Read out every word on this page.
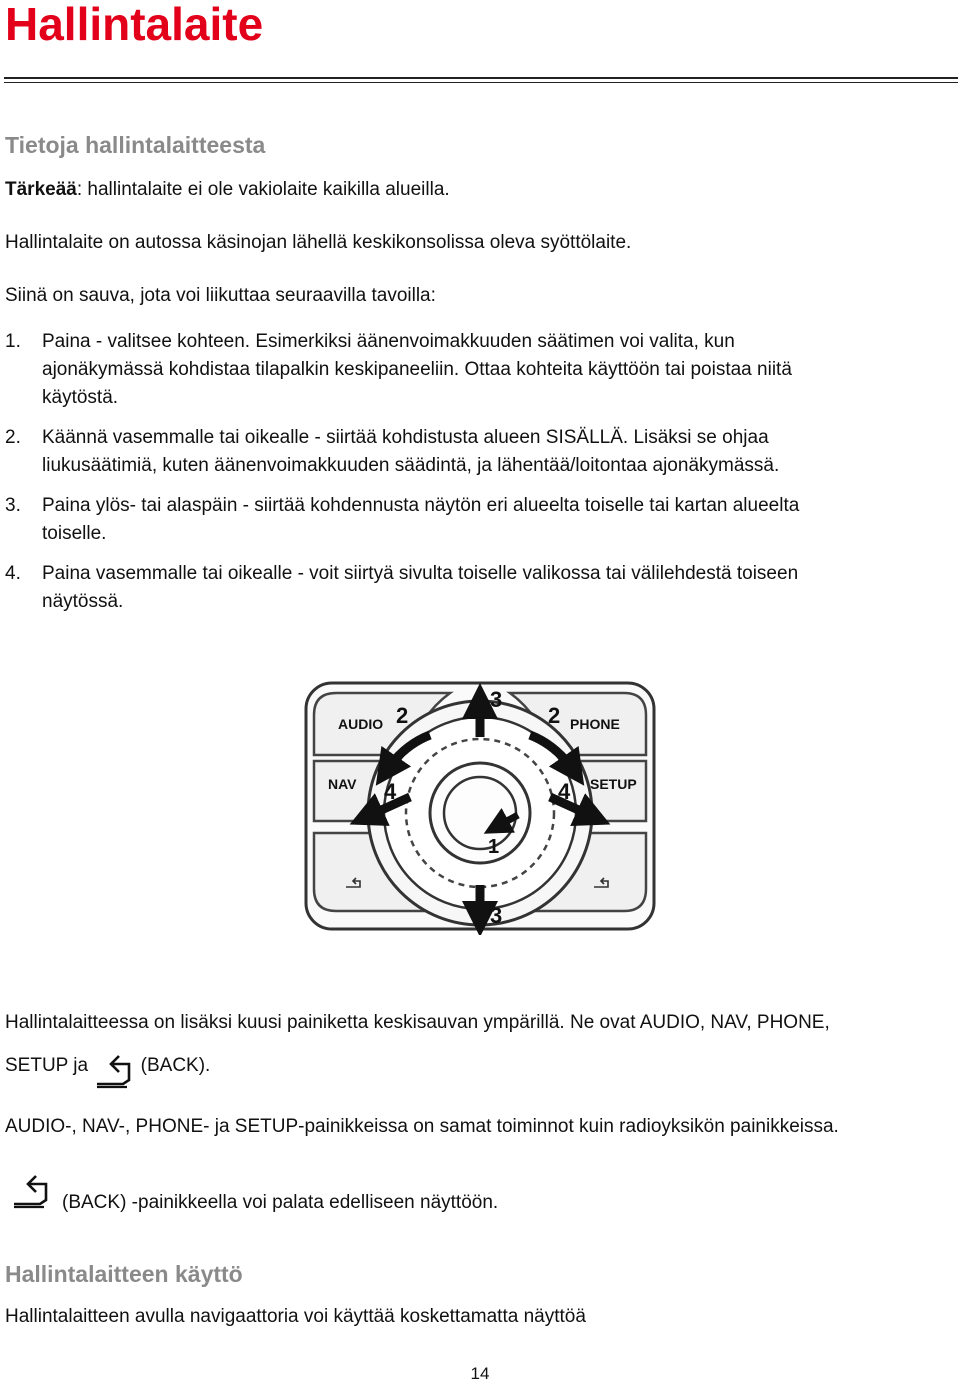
Hallintalaite
Tietoja hallintalaitteesta

Tärkeää: hallintalaite ei ole vakiolaite kaikilla alueilla.

Hallintalaite on autossa käsinojan lähellä keskikonsolissa oleva syöttölaite.

Siinä on sauva, jota voi liikuttaa seuraavilla tavoilla:

1. Paina - valitsee kohteen. Esimerkiksi äänenvoimakkuuden säätimen voi valita, kun
ajonäkymässä kohdistaa tilapalkin keskipaneeliin. Ottaa kohteita käyttöön tai poistaa niitä
käytöstä.
2. Käännä vasemmalle tai oikealle - siirtää kohdistusta alueen SISÄLLÄ. Lisäksi se ohjaa
liukusäätimiä, kuten äänenvoimakkuuden säädintä, ja lähentää/loitontaa ajonäkymässä.
3. Paina ylös- tai alaspäin - siirtää kohdennusta näytön eri alueelta toiselle tai kartan alueelta
toiselle.
4. Paina vasemmalle tai oikealle - voit siirtyä sivulta toiselle valikossa tai välilehdestä toiseen
näytössä.
AUDIO	PHONE
NAV	SETUP
1
2	2
3
3
4	4

Hallintalaitteessa on lisäksi kuusi painiketta keskisauvan ympärillä. Ne ovat AUDIO, NAV, PHONE,

SETUP ja	(BACK).

AUDIO-, NAV-, PHONE- ja SETUP-painikkeissa on samat toiminnot kuin radioyksikön painikkeissa.

(BACK) -painikkeella voi palata edelliseen näyttöön.

Hallintalaitteen käyttö

Hallintalaitteen avulla navigaattoria voi käyttää koskettamatta näyttöä

14
